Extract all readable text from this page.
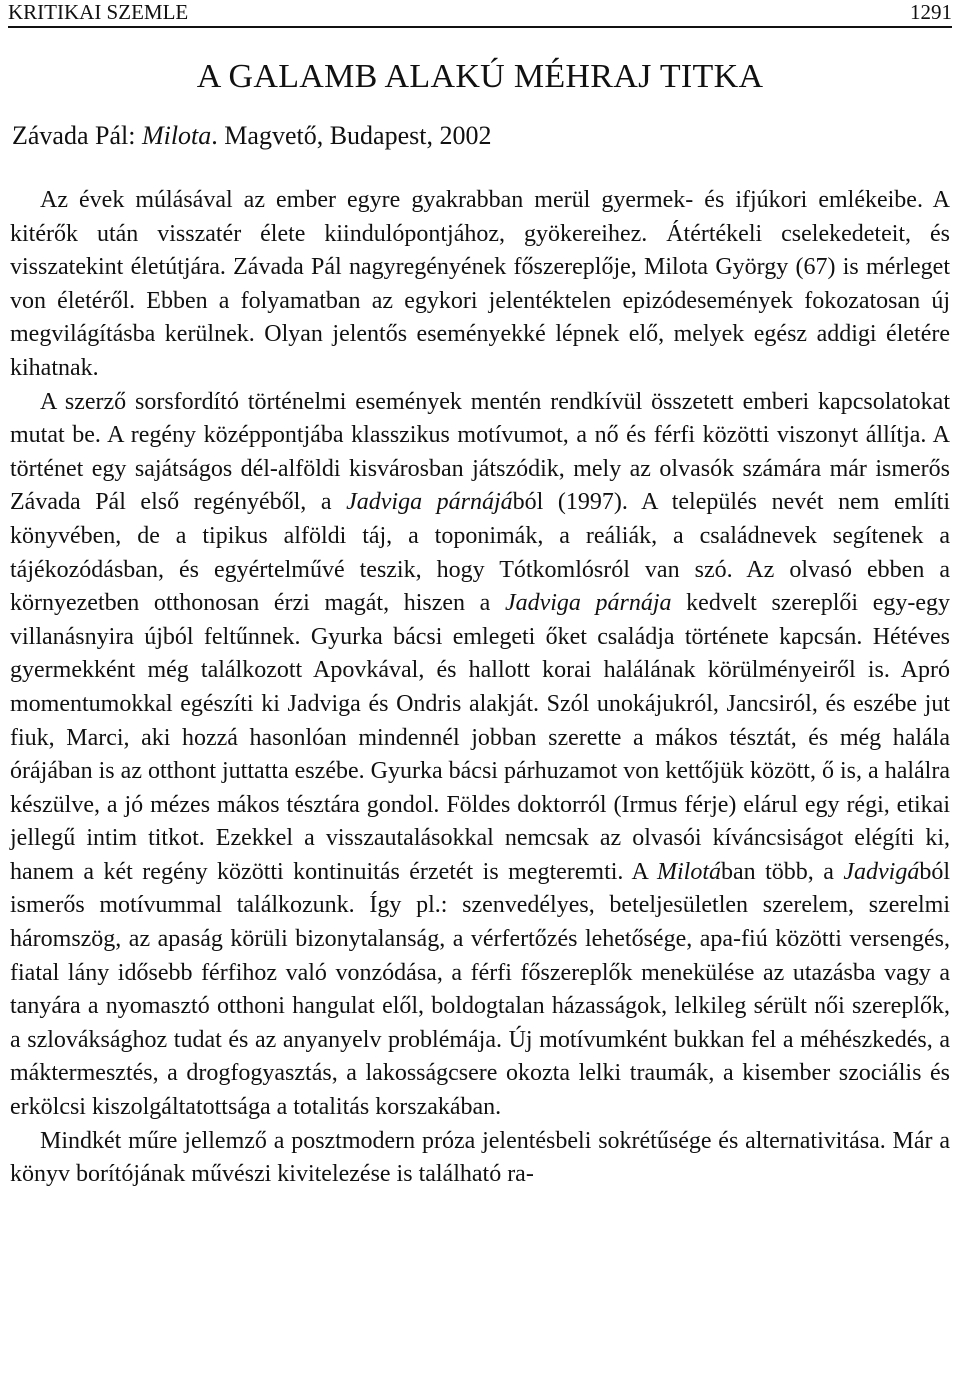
KRITIKAI SZEMLE	1291
A GALAMB ALAKÚ MÉHRAJ TITKA
Závada Pál: Milota. Magvető, Budapest, 2002

Az évek múlásával az ember egyre gyakrabban merül gyermek- és ifjúkori emlékeibe. A kitérők után visszatér élete kiindulópontjához, gyökereihez. Átértékeli cselekedeteit, és visszatekint életútjára. Závada Pál nagyregényének főszereplője, Milota György (67) is mérleget von életéről. Ebben a folyamatban az egykori jelentéktelen epizódesemények fokozatosan új megvilágításba kerülnek. Olyan jelentős eseményekké lépnek elő, melyek egész addigi életére kihatnak.

A szerző sorsfordító történelmi események mentén rendkívül összetett emberi kapcsolatokat mutat be. A regény középpontjába klasszikus motívumot, a nő és férfi közötti viszonyt állítja. A történet egy sajátságos dél-alföldi kisvárosban játszódik, mely az olvasók számára már ismerős Závada Pál első regényéből, a Jadviga párnájából (1997). A település nevét nem említi könyvében, de a tipikus alföldi táj, a toponimák, a reáliák, a családnevek segítenek a tájékozódásban, és egyértelművé teszik, hogy Tótkomlósról van szó. Az olvasó ebben a környezetben otthonosan érzi magát, hiszen a Jadviga párnája kedvelt szereplői egy-egy villanásnyira újból feltűnnek. Gyurka bácsi emlegeti őket családja története kapcsán. Hétéves gyermekként még találkozott Apovkával, és hallott korai halálának körülményeiről is. Apró momentumokkal egészíti ki Jadviga és Ondris alakját. Szól unokájukról, Jancsiról, és eszébe jut fiuk, Marci, aki hozzá hasonlóan mindennél jobban szerette a mákos tésztát, és még halála órájában is az otthont juttatta eszébe. Gyurka bácsi párhuzamot von kettőjük között, ő is, a halálra készülve, a jó mézes mákos tésztára gondol. Földes doktorról (Irmus férje) elárul egy régi, etikai jellegű intim titkot. Ezekkel a visszautalásokkal nemcsak az olvasói kíváncsiságot elégíti ki, hanem a két regény közötti kontinuitás érzetét is megteremti. A Milotában több, a Jadvigából ismerős motívummal találkozunk. Így pl.: szenvedélyes, beteljesületlen szerelem, szerelmi háromszög, az apaság körüli bizonytalanság, a vérfertőzés lehetősége, apa-fiú közötti versengés, fiatal lány idősebb férfihoz való vonzódása, a férfi főszereplők menekülése az utazásba vagy a tanyára a nyomasztó otthoni hangulat elől, boldogtalan házasságok, lelkileg sérült női szereplők, a szlováksághoz tudat és az anyanyelv problémája. Új motívumként bukkan fel a méhészkedés, a máktermesztés, a drogfogyasztás, a lakosságcsere okozta lelki traumák, a kisember szociális és erkölcsi kiszolgáltatottsága a totalitás korszakában.

Mindkét műre jellemző a posztmodern próza jelentésbeli sokrétűsége és alternativitása. Már a könyv borítójának művészi kivitelezése is található ra-
